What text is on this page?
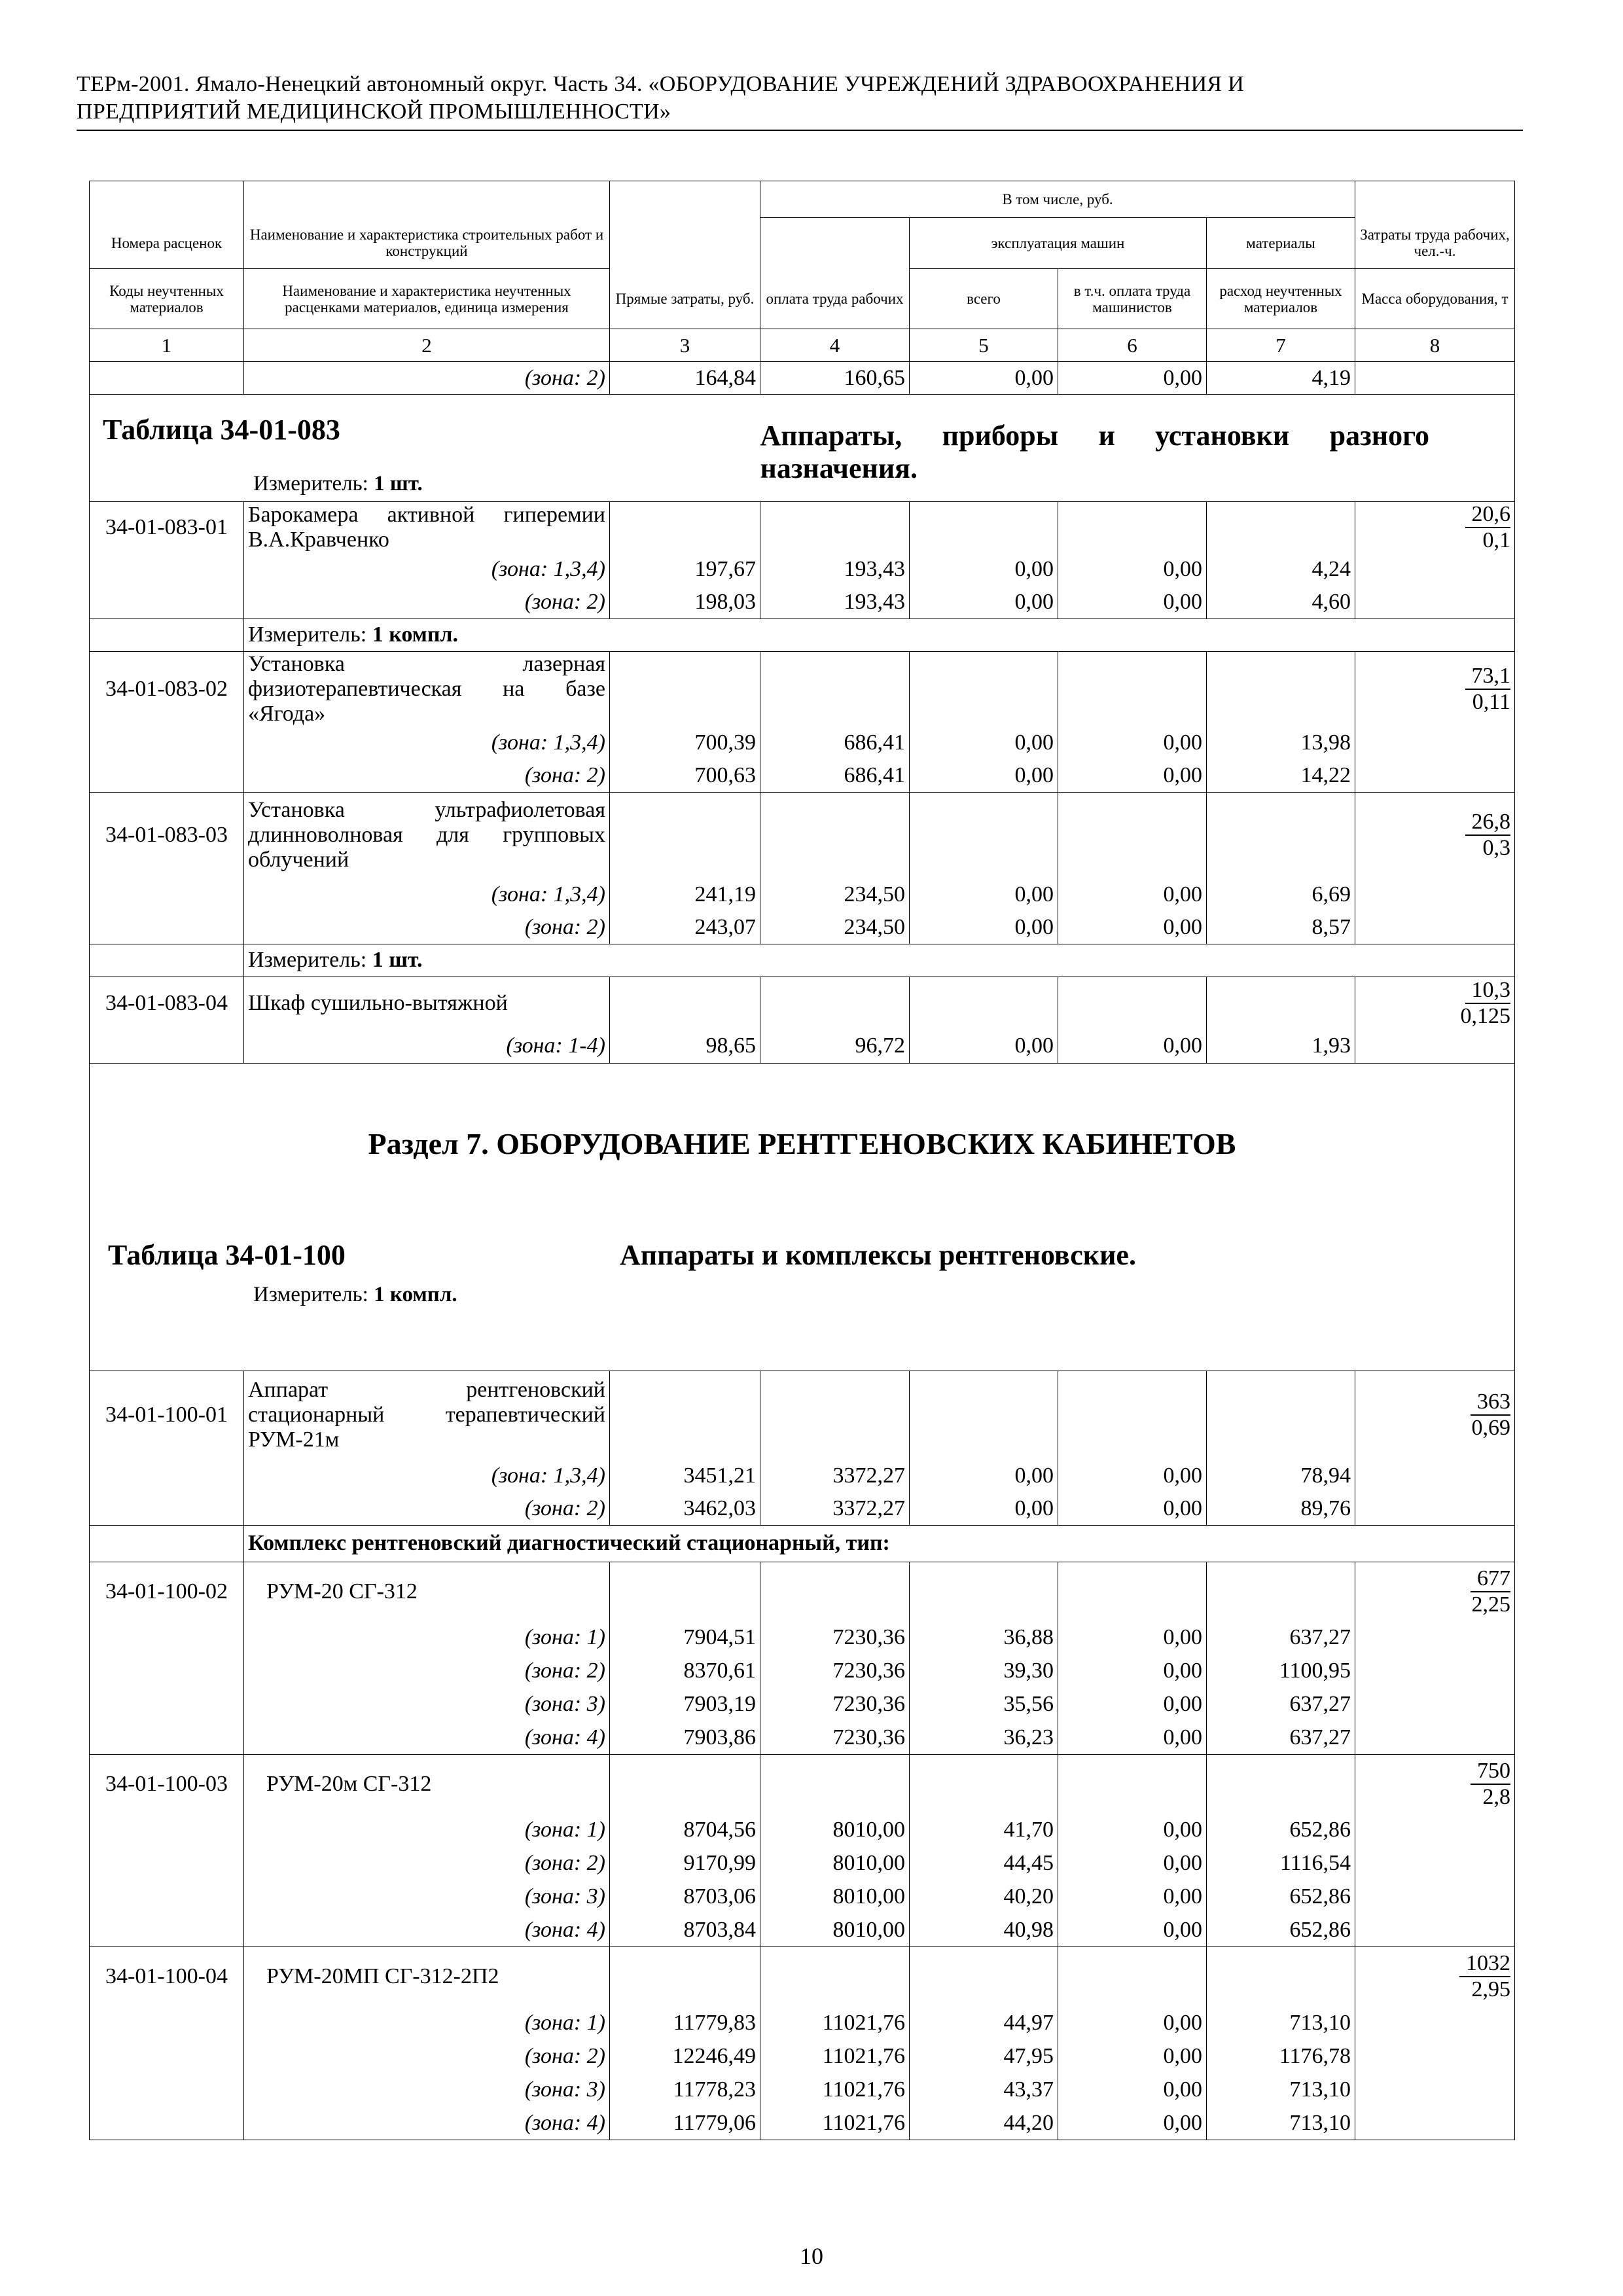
ТЕРм-2001. Ямало-Ненецкий автономный округ. Часть 34. «ОБОРУДОВАНИЕ УЧРЕЖДЕНИЙ ЗДРАВООХРАНЕНИЯ И
ПРЕДПРИЯТИЙ МЕДИЦИНСКОЙ ПРОМЫШЛЕННОСТИ»
			В том числе, руб.				
Номера расценок	Наименование и характеристика строительных работ и конструкций			эксплуатация машин		материалы	Затраты труда рабочих, чел.-ч.
Коды неучтенных материалов	Наименование и характеристика неучтенных расценками материалов, единица измерения	Прямые затраты, руб.	оплата труда рабочих	всего	в т.ч. оплата труда машинистов	расход неучтенных материалов	Масса оборудования, т
1	2	3	4	5	6	7	8
	(зона: 2)	164,84	160,65	0,00	0,00	4,19	

Таблица 34-01-083
Измеритель: 1 шт.			Аппараты, приборы и установки разного назначения.				

34-01-083-01	Барокамера активной гиперемии В.А.Кравченко						20,6
0,1
	(зона: 1,3,4)	197,67	193,43	0,00	0,00	4,24	
	(зона: 2)	198,03	193,43	0,00	0,00	4,60	
	Измеритель: 1 компл.						
34-01-083-02	Установка лазерная физиотерапевтическая на базе «Ягода»						73,1
0,11
	(зона: 1,3,4)	700,39	686,41	0,00	0,00	13,98	
	(зона: 2)	700,63	686,41	0,00	0,00	14,22	
34-01-083-03	Установка ультрафиолетовая длинноволновая для групповых облучений						26,8
0,3
	(зона: 1,3,4)	241,19	234,50	0,00	0,00	6,69	
	(зона: 2)	243,07	234,50	0,00	0,00	8,57	
	Измеритель: 1 шт.						
34-01-083-04	Шкаф сушильно-вытяжной						10,3
0,125
	(зона: 1-4)	98,65	96,72	0,00	0,00	1,93	

Раздел 7. ОБОРУДОВАНИЕ РЕНТГЕНОВСКИХ КАБИНЕТОВ
Таблица 34-01-100 Аппараты и комплексы рентгеновские.
Измеритель: 1 компл.							

34-01-100-01	Аппарат рентгеновский стационарный терапевтический РУМ-21м						363
0,69
	(зона: 1,3,4)	3451,21	3372,27	0,00	0,00	78,94	
	(зона: 2)	3462,03	3372,27	0,00	0,00	89,76	
	Комплекс рентгеновский диагностический стационарный, тип:						
34-01-100-02	РУМ-20 СГ-312						677
2,25
	(зона: 1)	7904,51	7230,36	36,88	0,00	637,27	
	(зона: 2)	8370,61	7230,36	39,30	0,00	1100,95	
	(зона: 3)	7903,19	7230,36	35,56	0,00	637,27	
	(зона: 4)	7903,86	7230,36	36,23	0,00	637,27	
34-01-100-03	РУМ-20м СГ-312						750
2,8
	(зона: 1)	8704,56	8010,00	41,70	0,00	652,86	
	(зона: 2)	9170,99	8010,00	44,45	0,00	1116,54	
	(зона: 3)	8703,06	8010,00	40,20	0,00	652,86	
	(зона: 4)	8703,84	8010,00	40,98	0,00	652,86	
34-01-100-04	РУМ-20МП СГ-312-2П2						1032
2,95
	(зона: 1)	11779,83	11021,76	44,97	0,00	713,10	
	(зона: 2)	12246,49	11021,76	47,95	0,00	1176,78	
	(зона: 3)	11778,23	11021,76	43,37	0,00	713,10	
	(зона: 4)	11779,06	11021,76	44,20	0,00	713,10	
10
